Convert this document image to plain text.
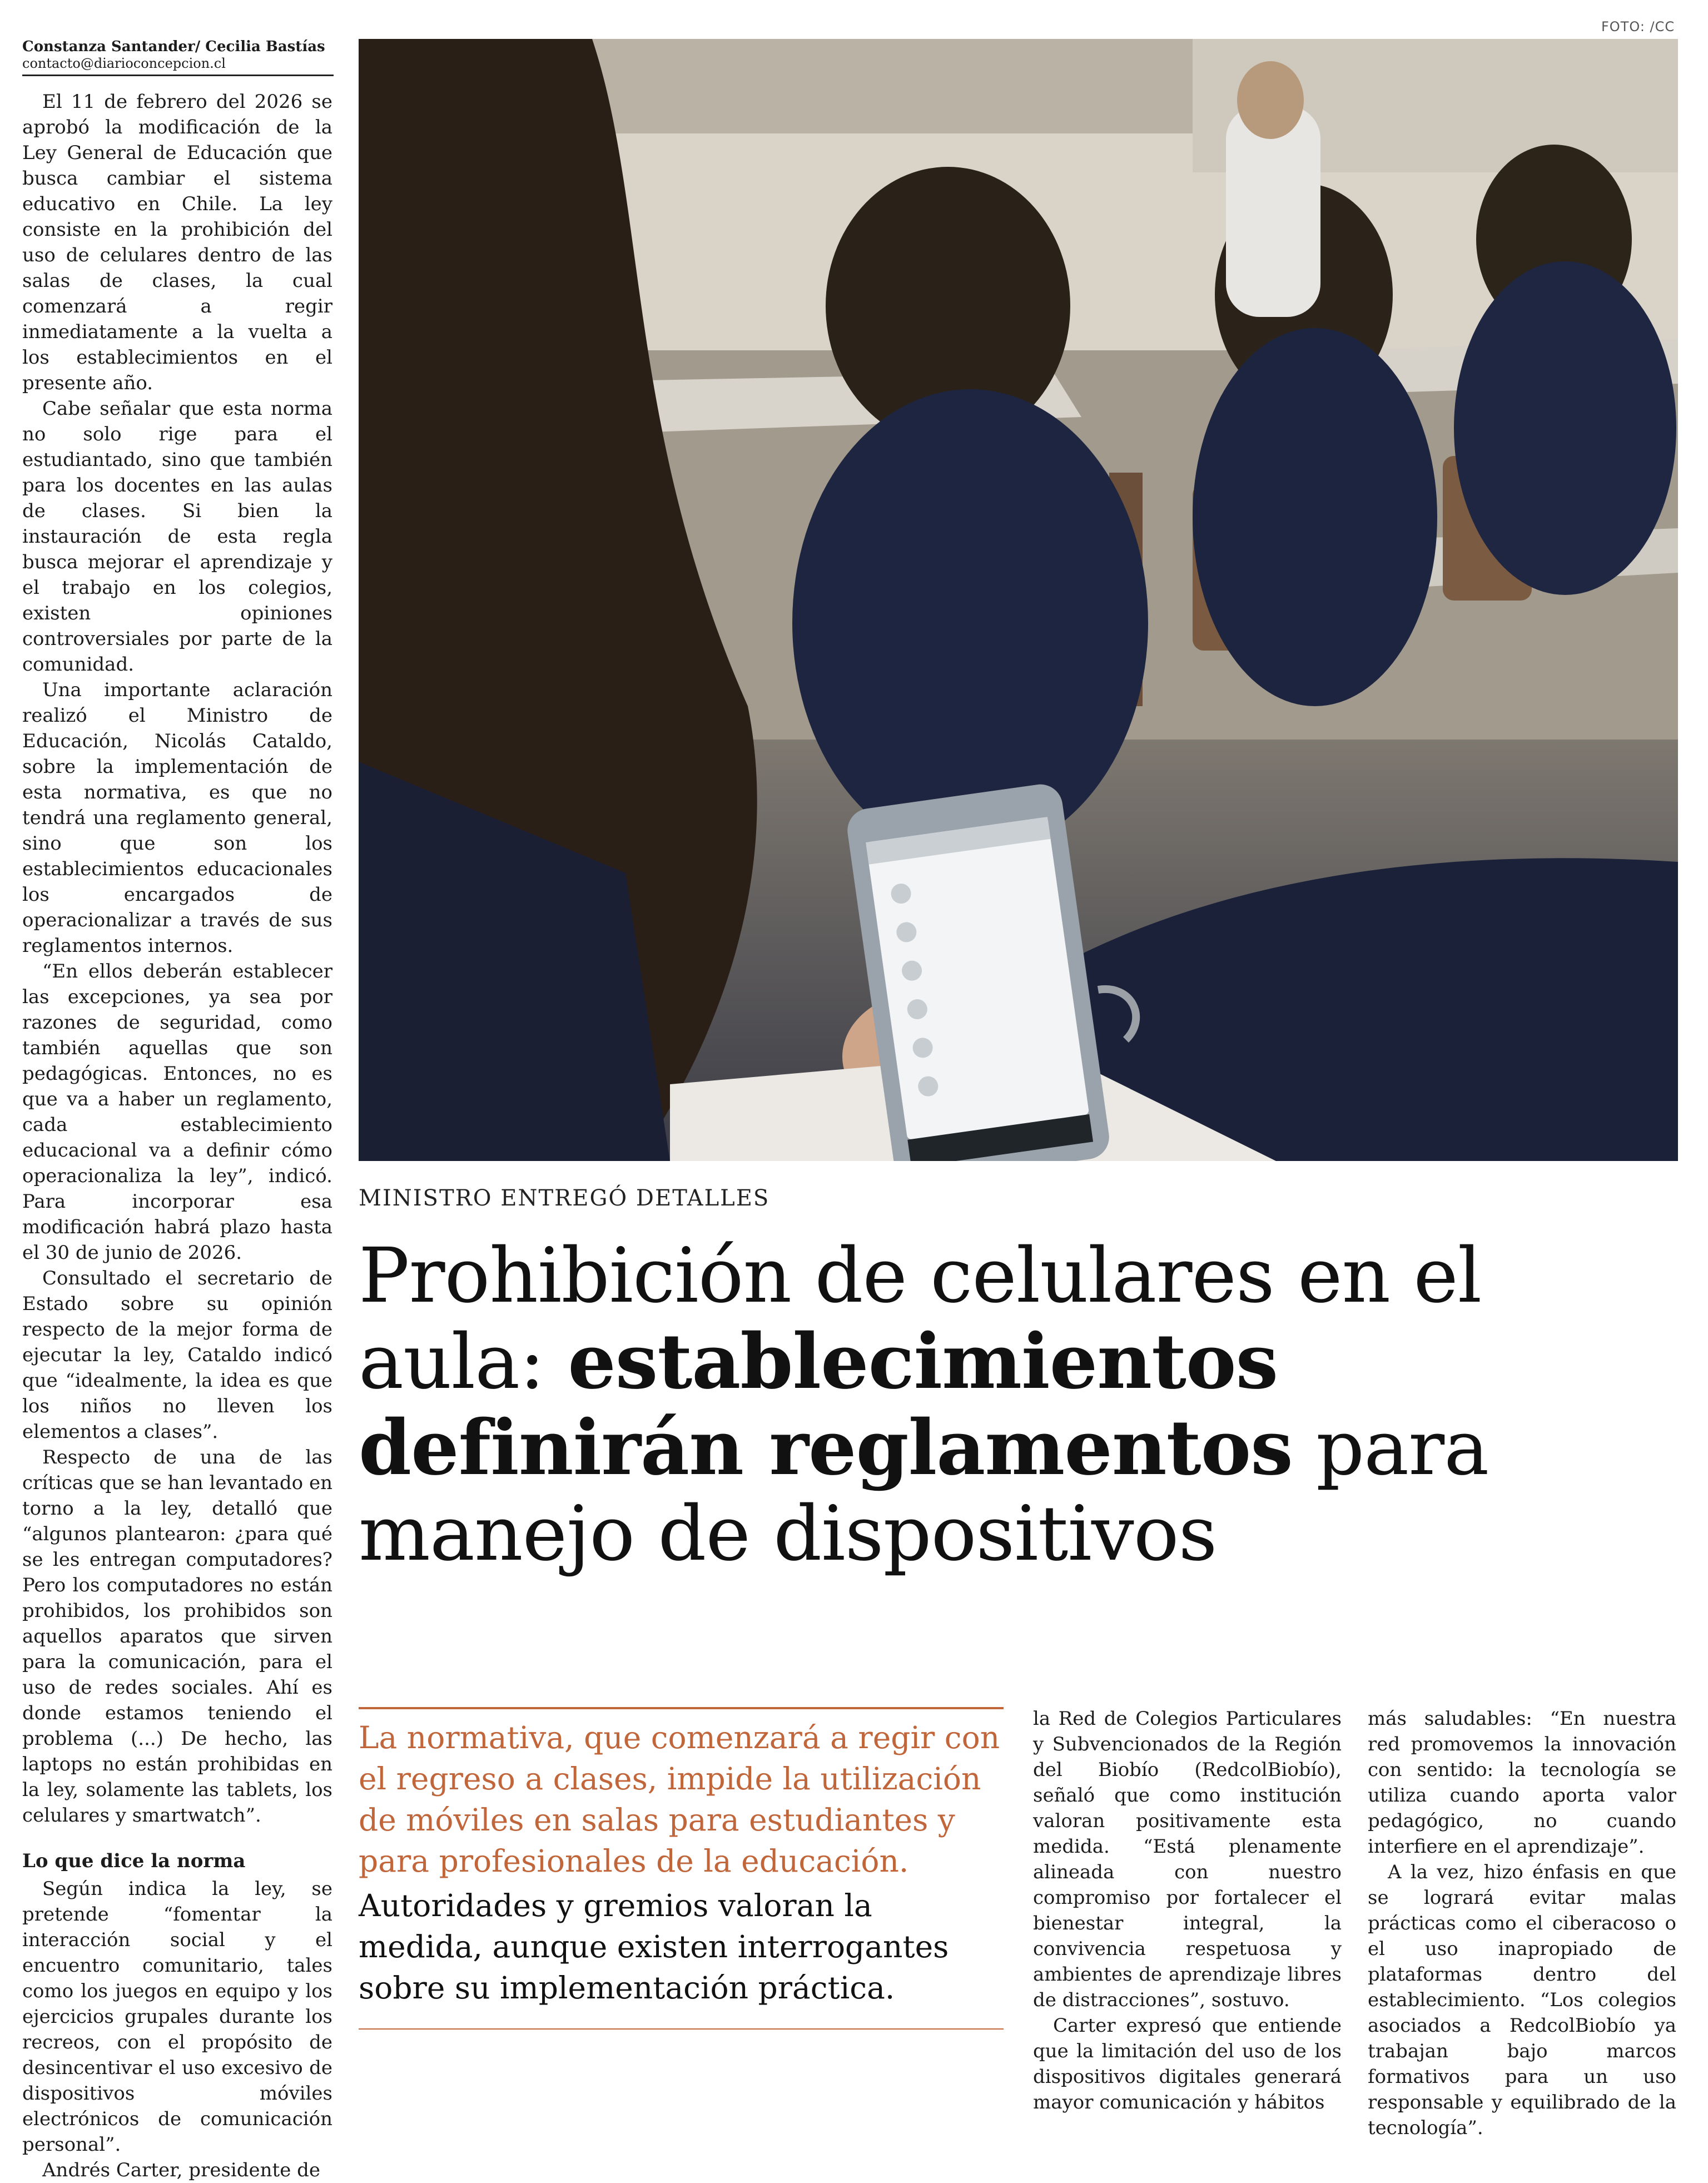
Constanza Santander/ Cecilia Bastías
contacto@diarioconcepcion.cl
FOTO: /CC

El 11 de febrero del 2026 se aprobó la modificación de la Ley General de Educación que busca cambiar el sistema educativo en Chile. La ley consiste en la prohibición del uso de celulares dentro de las salas de clases, la cual comenzará a regir inmediatamente a la vuelta a los establecimientos en el presente año.

Cabe señalar que esta norma no solo rige para el estudiantado, sino que también para los docentes en las aulas de clases. Si bien la instauración de esta regla busca mejorar el aprendizaje y el trabajo en los colegios, existen opiniones controversiales por parte de la comunidad.

Una importante aclaración realizó el Ministro de Educación, Nicolás Cataldo, sobre la implementación de esta normativa, es que no tendrá una reglamento general, sino que son los establecimientos educacionales los encargados de operacionalizar a través de sus reglamentos internos.

“En ellos deberán establecer las excepciones, ya sea por razones de seguridad, como también aquellas que son pedagógicas. Entonces, no es que va a haber un reglamento, cada establecimiento educacional va a definir cómo operacionaliza la ley”, indicó. Para incorporar esa modificación habrá plazo hasta el 30 de junio de 2026.

Consultado el secretario de Estado sobre su opinión respecto de la mejor forma de ejecutar la ley, Cataldo indicó que “idealmente, la idea es que los niños no lleven los elementos a clases”.

Respecto de una de las críticas que se han levantado en torno a la ley, detalló que “algunos plantearon: ¿para qué se les entregan computadores? Pero los computadores no están prohibidos, los prohibidos son aquellos aparatos que sirven para la comunicación, para el uso de redes sociales. Ahí es donde estamos teniendo el problema (...) De hecho, las laptops no están prohibidas en la ley, solamente las tablets, los celulares y smartwatch”.

Lo que dice la norma

Según indica la ley, se pretende “fomentar la interacción social y el encuentro comunitario, tales como los juegos en equipo y los ejercicios grupales durante los recreos, con el propósito de desincentivar el uso excesivo de dispositivos móviles electrónicos de comunicación personal”.

Andrés Carter, presidente de

MINISTRO ENTREGÓ DETALLES
Prohibición de celulares en el aula: establecimientos definirán reglamentos para manejo de dispositivos
La normativa, que comenzará a regir con el regreso a clases, impide la utilización de móviles en salas para estudiantes y para profesionales de la educación.
Autoridades y gremios valoran la medida, aunque existen interrogantes sobre su implementación práctica.

la Red de Colegios Particulares y Subvencionados de la Región del Biobío (RedcolBiobío), señaló que como institución valoran positivamente esta medida. “Está plenamente alineada con nuestro compromiso por fortalecer el bienestar integral, la convivencia respetuosa y ambientes de aprendizaje libres de distracciones”, sostuvo.

Carter expresó que entiende que la limitación del uso de los dispositivos digitales generará mayor comunicación y hábitos

más saludables: “En nuestra red promovemos la innovación con sentido: la tecnología se utiliza cuando aporta valor pedagógico, no cuando interfiere en el aprendizaje”.

A la vez, hizo énfasis en que se logrará evitar malas prácticas como el ciberacoso o el uso inapropiado de plataformas dentro del establecimiento. “Los colegios asociados a RedcolBiobío ya trabajan bajo marcos formativos para un uso responsable y equilibrado de la tecnología”.
